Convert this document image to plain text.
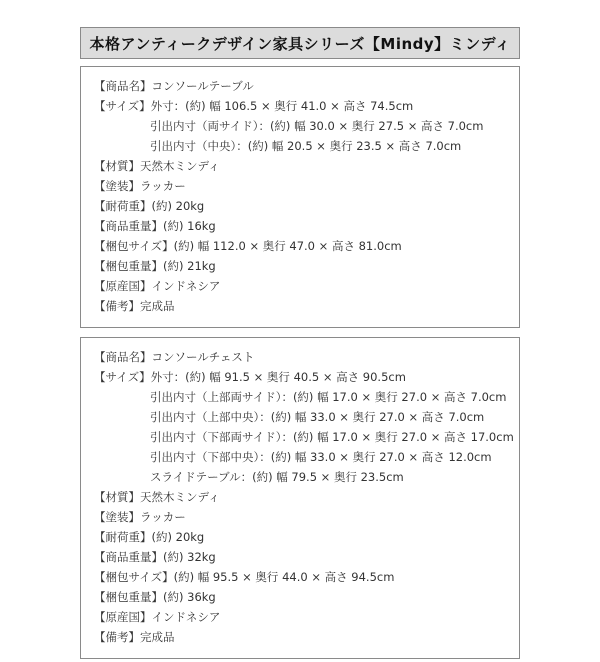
本格アンティークデザイン家具シリーズ【Mindy】ミンディ
【商品名】コンソールテーブル
【サイズ】外寸：(約) 幅 106.5 × 奥行 41.0 × 高さ 74.5cm
引出内寸（両サイド）：(約) 幅 30.0 × 奥行 27.5 × 高さ 7.0cm
引出内寸（中央）：(約) 幅 20.5 × 奥行 23.5 × 高さ 7.0cm
【材質】天然木ミンディ
【塗装】ラッカー
【耐荷重】(約) 20kg
【商品重量】(約) 16kg
【梱包サイズ】(約) 幅 112.0 × 奥行 47.0 × 高さ 81.0cm
【梱包重量】(約) 21kg
【原産国】インドネシア
【備考】完成品
【商品名】コンソールチェスト
【サイズ】外寸：(約) 幅 91.5 × 奥行 40.5 × 高さ 90.5cm
引出内寸（上部両サイド）：(約) 幅 17.0 × 奥行 27.0 × 高さ 7.0cm
引出内寸（上部中央）：(約) 幅 33.0 × 奥行 27.0 × 高さ 7.0cm
引出内寸（下部両サイド）：(約) 幅 17.0 × 奥行 27.0 × 高さ 17.0cm
引出内寸（下部中央）：(約) 幅 33.0 × 奥行 27.0 × 高さ 12.0cm
スライドテーブル：(約) 幅 79.5 × 奥行 23.5cm
【材質】天然木ミンディ
【塗装】ラッカー
【耐荷重】(約) 20kg
【商品重量】(約) 32kg
【梱包サイズ】(約) 幅 95.5 × 奥行 44.0 × 高さ 94.5cm
【梱包重量】(約) 36kg
【原産国】インドネシア
【備考】完成品
